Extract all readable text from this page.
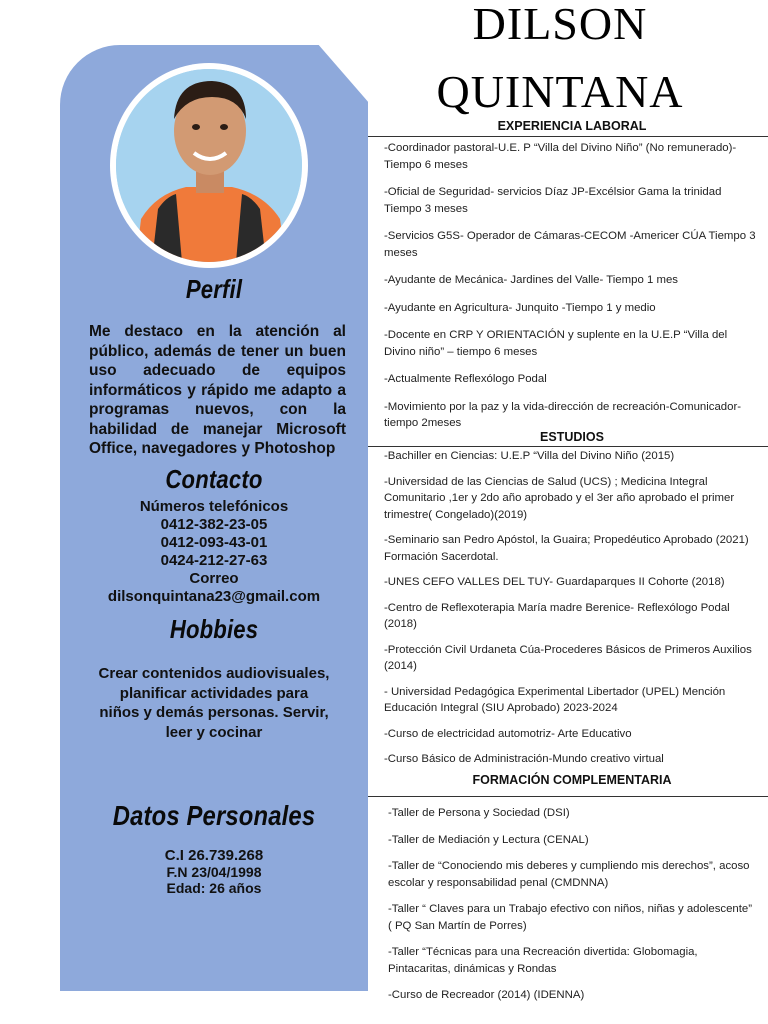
Perfil
Me destaco en la atención al público, además de tener un buen uso adecuado de equipos informáticos y rápido me adapto a programas nuevos, con la habilidad de manejar Microsoft Office, navegadores y Photoshop
Contacto
Números telefónicos
0412-382-23-05
0412-093-43-01
0424-212-27-63
Correo
dilsonquintana23@gmail.com
Hobbies
Crear contenidos audiovisuales,
planificar actividades para
niños y demás personas. Servir,
leer y cocinar
Datos Personales
C.I 26.739.268
F.N 23/04/1998
Edad: 26 años
DILSON
QUINTANA
EXPERIENCIA LABORAL
-Coordinador pastoral-U.E. P “Villa del Divino Niño” (No remunerado)- Tiempo 6 meses
-Oficial de Seguridad- servicios Díaz JP-Excélsior Gama la trinidad Tiempo 3 meses
-Servicios G5S- Operador de Cámaras-CECOM -Americer CÚA Tiempo 3 meses
-Ayudante de Mecánica- Jardines del Valle- Tiempo 1 mes
-Ayudante en Agricultura- Junquito -Tiempo 1 y medio
-Docente en CRP Y ORIENTACIÓN y suplente en la U.E.P “Villa del Divino niño” – tiempo 6 meses
-Actualmente Reflexólogo Podal
-Movimiento por la paz y la vida-dirección de recreación-Comunicador- tiempo 2meses
ESTUDIOS
-Bachiller en Ciencias: U.E.P “Villa del Divino Niño (2015)
-Universidad de las Ciencias de Salud (UCS) ; Medicina Integral Comunitario ,1er y 2do año aprobado y el 3er año aprobado el primer trimestre( Congelado)(2019)
-Seminario san Pedro Apóstol, la Guaira; Propedéutico Aprobado (2021) Formación Sacerdotal.
-UNES CEFO VALLES DEL TUY- Guardaparques II Cohorte (2018)
-Centro de Reflexoterapia María madre Berenice- Reflexólogo Podal (2018)
-Protección Civil Urdaneta Cúa-Procederes Básicos de Primeros Auxilios (2014)
- Universidad Pedagógica Experimental Libertador (UPEL) Mención Educación Integral (SIU Aprobado) 2023-2024
-Curso de electricidad automotriz- Arte Educativo
-Curso Básico de Administración-Mundo creativo virtual
FORMACIÓN COMPLEMENTARIA
-Taller de Persona y Sociedad (DSI)
-Taller de Mediación y Lectura (CENAL)
-Taller de “Conociendo mis deberes y cumpliendo mis derechos”, acoso escolar y responsabilidad penal (CMDNNA)
-Taller “ Claves para un Trabajo efectivo con niños, niñas y adolescente” ( PQ San Martín de Porres)
-Taller “Técnicas para una Recreación divertida: Globomagia, Pintacaritas, dinámicas y Rondas
-Curso de Recreador (2014) (IDENNA)
